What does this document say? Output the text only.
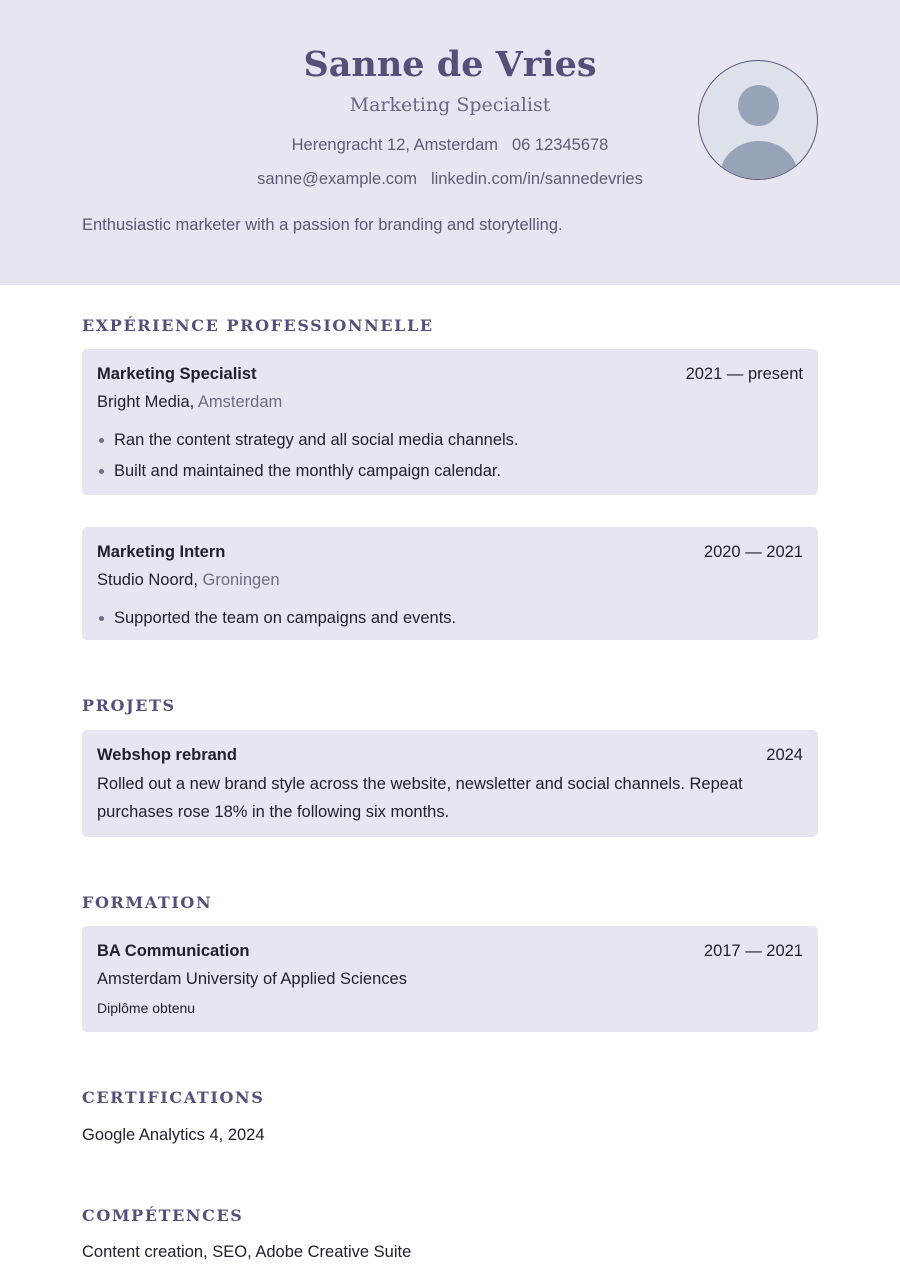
Sanne de Vries
Marketing Specialist
Herengracht 12, Amsterdam 06 12345678
sanne@example.com linkedin.com/in/sannedevries
Enthusiastic marketer with a passion for branding and storytelling.
EXPÉRIENCE PROFESSIONNELLE
Marketing Specialist	2021 — present
Bright Media, Amsterdam
Ran the content strategy and all social media channels.
Built and maintained the monthly campaign calendar.
Marketing Intern	2020 — 2021
Studio Noord, Groningen
Supported the team on campaigns and events.
PROJETS
Webshop rebrand	2024
Rolled out a new brand style across the website, newsletter and social channels. Repeat purchases rose 18% in the following six months.
FORMATION
BA Communication	2017 — 2021
Amsterdam University of Applied Sciences
Diplôme obtenu
CERTIFICATIONS
Google Analytics 4, 2024
COMPÉTENCES
Content creation, SEO, Adobe Creative Suite
